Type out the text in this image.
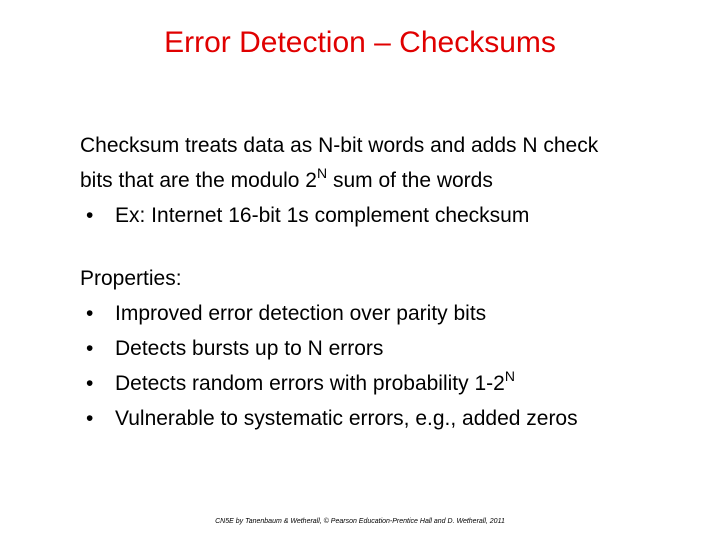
Error Detection – Checksums
Checksum treats data as N-bit words and adds N check
bits that are the modulo $2^N$ sum of the words
• Ex: Internet 16-bit 1s complement checksum
Properties:
• Improved error detection over parity bits
• Detects bursts up to N errors
• Detects random errors with probability $1-2^N$
• Vulnerable to systematic errors, e.g., added zeros
CN5E by Tanenbaum & Wetherall, © Pearson Education-Prentice Hall and D. Wetherall, 2011
